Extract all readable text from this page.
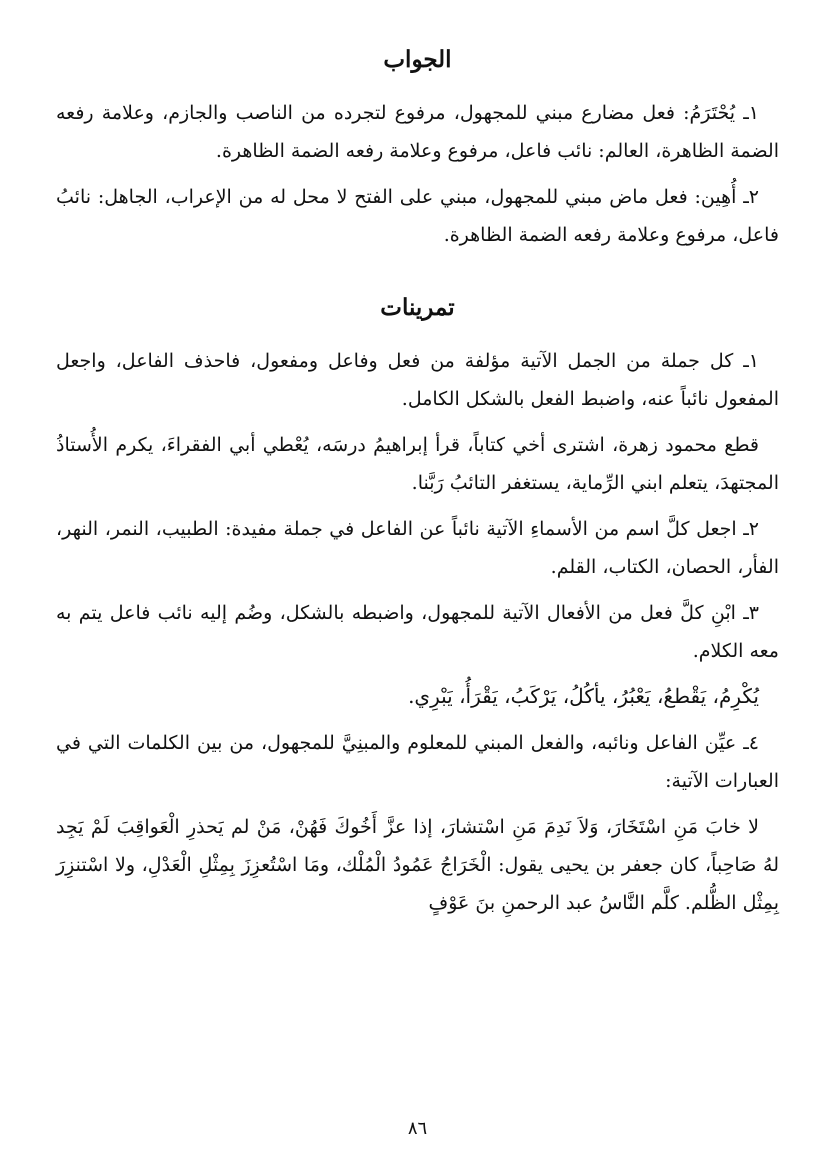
الجواب

١ـ يُحْتَرَمُ: فعل مضارع مبني للمجهول، مرفوع لتجرده من الناصب والجازم، وعلامة رفعه الضمة الظاهرة، العالم: نائب فاعل، مرفوع وعلامة رفعه الضمة الظاهرة.

٢ـ أُهِين: فعل ماض مبني للمجهول، مبني على الفتح لا محل له من الإعراب، الجاهل: نائبُ فاعل، مرفوع وعلامة رفعه الضمة الظاهرة.

تمرينات

١ـ كل جملة من الجمل الآتية مؤلفة من فعل وفاعل ومفعول، فاحذف الفاعل، واجعل المفعول نائباً عنه، واضبط الفعل بالشكل الكامل.

قطع محمود زهرة، اشترى أخي كتاباً، قرأ إبراهيمُ درسَه، يُعْطي أبي الفقراءَ، يكرم الأُستاذُ المجتهدَ، يتعلم ابني الرِّماية، يستغفر التائبُ رَبَّنا.

٢ـ اجعل كلَّ اسم من الأسماءِ الآتية نائباً عن الفاعل في جملة مفيدة: الطبيب، النمر، النهر، الفأر، الحصان، الكتاب، القلم.

٣ـ ابْنِ كلَّ فعل من الأفعال الآتية للمجهول، واضبطه بالشكل، وضُم إليه نائب فاعل يتم به معه الكلام.

يُكْرِمُ، يَقْطعُ، يَعْبُرُ، يأكُلُ، يَرْكَبُ، يَقْرَأُ، يَبْرِي.

٤ـ عيِّن الفاعل ونائبه، والفعل المبني للمعلوم والمبنِيَّ للمجهول، من بين الكلمات التي في العبارات الآتية:

لا خابَ مَنِ اسْتَخَارَ، وَلاَ نَدِمَ مَنِ اسْتشارَ، إذا عزَّ أَخُوكَ فَهُنْ، مَنْ لم يَحذرِ الْعَواقِبَ لَمْ يَجِد لهُ صَاحِباً، كان جعفر بن يحيى يقول: الْخَرَاجُ عَمُودُ الْمُلْك، ومَا اسْتُعزِزَ بِمِثْلِ الْعَدْلِ، ولا اسْتنزِرَ بِمِثْل الظُّلم. كلَّم النَّاسُ عبد الرحمنِ بنَ عَوْفٍ

٨٦
